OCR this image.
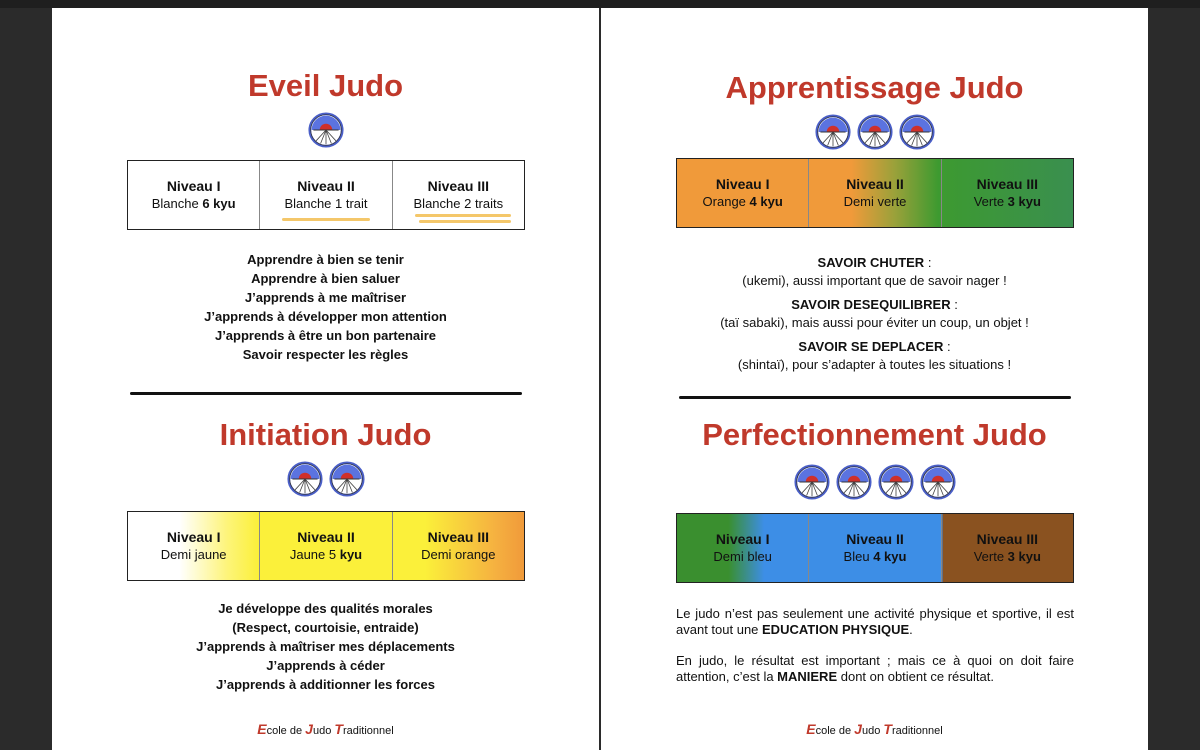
Eveil Judo
Niveau I
Blanche 6 kyu
Niveau II
Blanche 1 trait
Niveau III
Blanche 2 traits
Apprendre à bien se tenir
Apprendre à bien saluer
J’apprends à me maîtriser
J’apprends à développer mon attention
J’apprends à être un bon partenaire
Savoir respecter les règles
Initiation Judo
Niveau I
Demi jaune
Niveau II
Jaune 5 kyu
Niveau III
Demi orange
Je développe des qualités morales
(Respect, courtoisie, entraide)
J’apprends à maîtriser mes déplacements
J’apprends à céder
J’apprends à additionner les forces
Ecole de Judo Traditionnel
Apprentissage Judo
Niveau I
Orange 4 kyu
Niveau II
Demi verte
Niveau III
Verte 3 kyu
SAVOIR CHUTER :
(ukemi), aussi important que de savoir nager !
SAVOIR DESEQUILIBRER :
(taï sabaki), mais aussi pour éviter un coup, un objet !
SAVOIR SE DEPLACER :
(shintaï), pour s’adapter à toutes les situations !
Perfectionnement Judo
Niveau I
Demi bleu
Niveau II
Bleu 4 kyu
Niveau III
Verte 3 kyu
Le judo n’est pas seulement une activité physique et sportive, il est avant tout une EDUCATION PHYSIQUE.
En judo, le résultat est important ; mais ce à quoi on doit faire attention, c’est la MANIERE dont on obtient ce résultat.
Ecole de Judo Traditionnel
